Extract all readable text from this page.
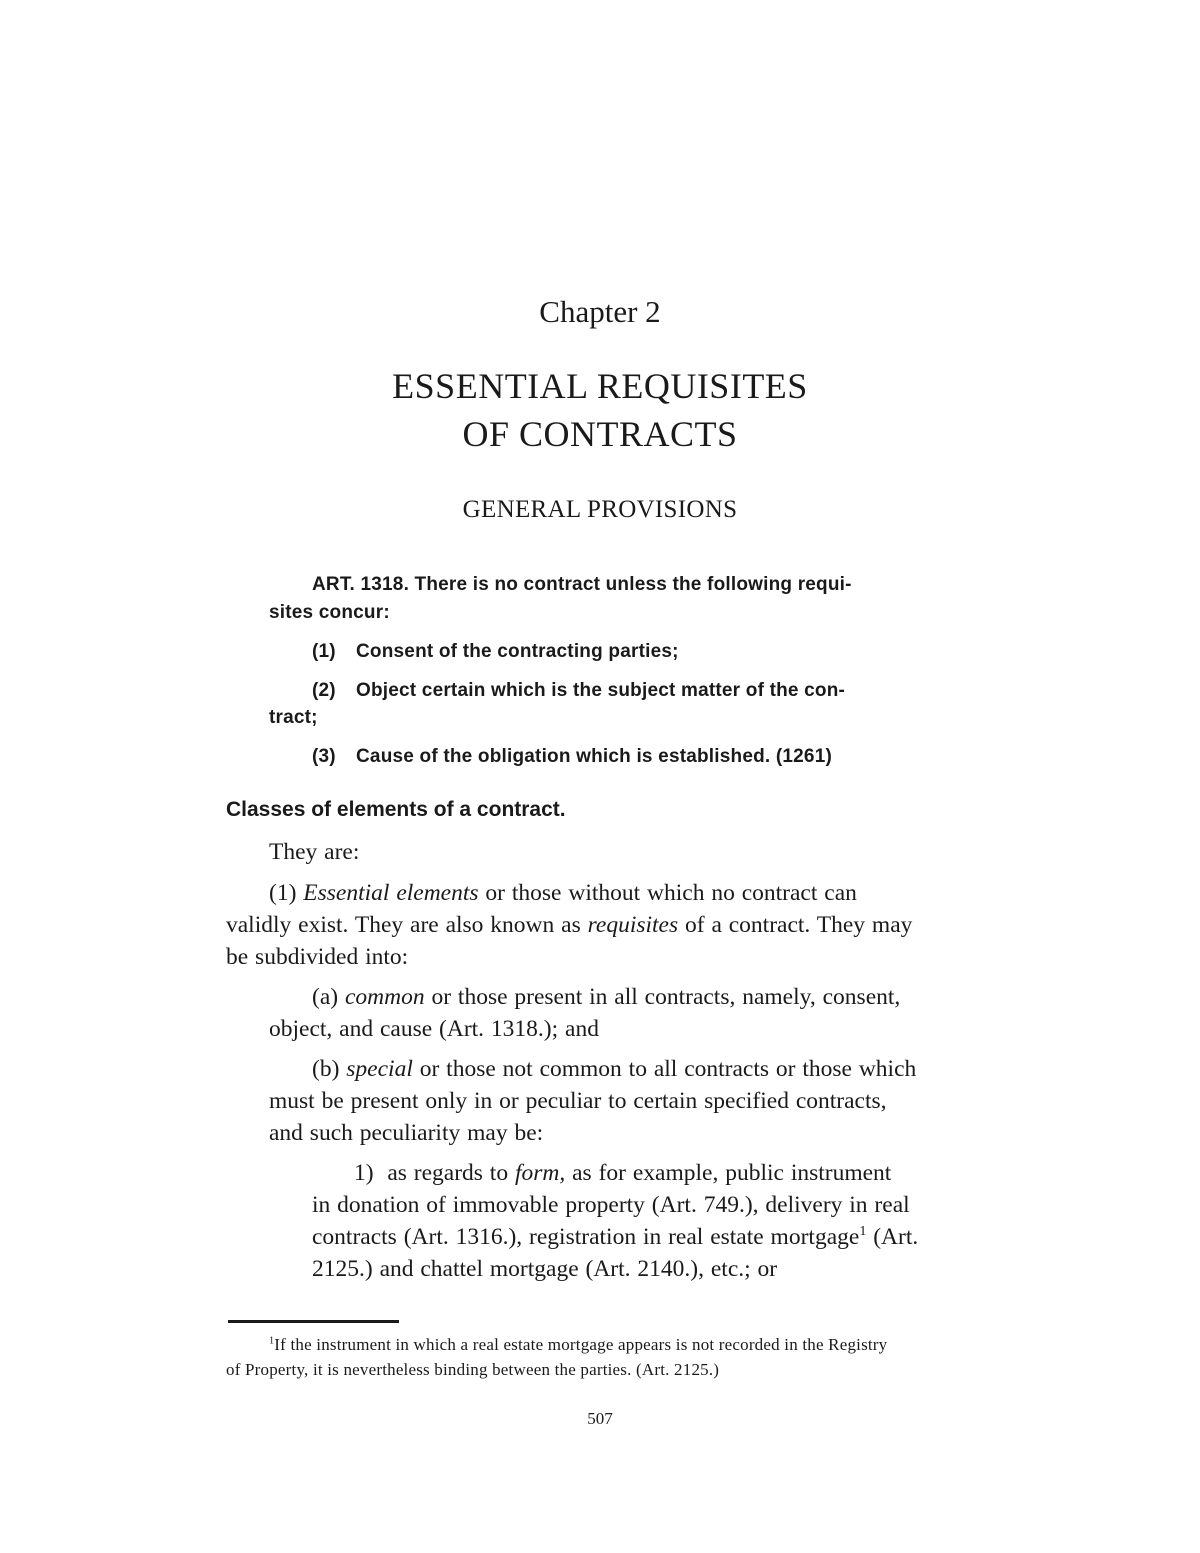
Chapter 2
ESSENTIAL REQUISITES
OF CONTRACTS
GENERAL PROVISIONS
ART. 1318. There is no contract unless the following requi-
sites concur:
(1) Consent of the contracting parties;
(2) Object certain which is the subject matter of the con-
tract;
(3) Cause of the obligation which is established. (1261)
Classes of elements of a contract.
They are:
(1) Essential elements or those without which no contract can
validly exist. They are also known as requisites of a contract. They may
be subdivided into:
(a) common or those present in all contracts, namely, consent,
object, and cause (Art. 1318.); and
(b) special or those not common to all contracts or those which
must be present only in or peculiar to certain specified contracts,
and such peculiarity may be:
1)  as regards to form, as for example, public instrument
in donation of immovable property (Art. 749.), delivery in real
contracts (Art. 1316.), registration in real estate mortgage$^1$ (Art.
2125.) and chattel mortgage (Art. 2140.), etc.; or
$^1$If the instrument in which a real estate mortgage appears is not recorded in the Registry
of Property, it is nevertheless binding between the parties. (Art. 2125.)
507
